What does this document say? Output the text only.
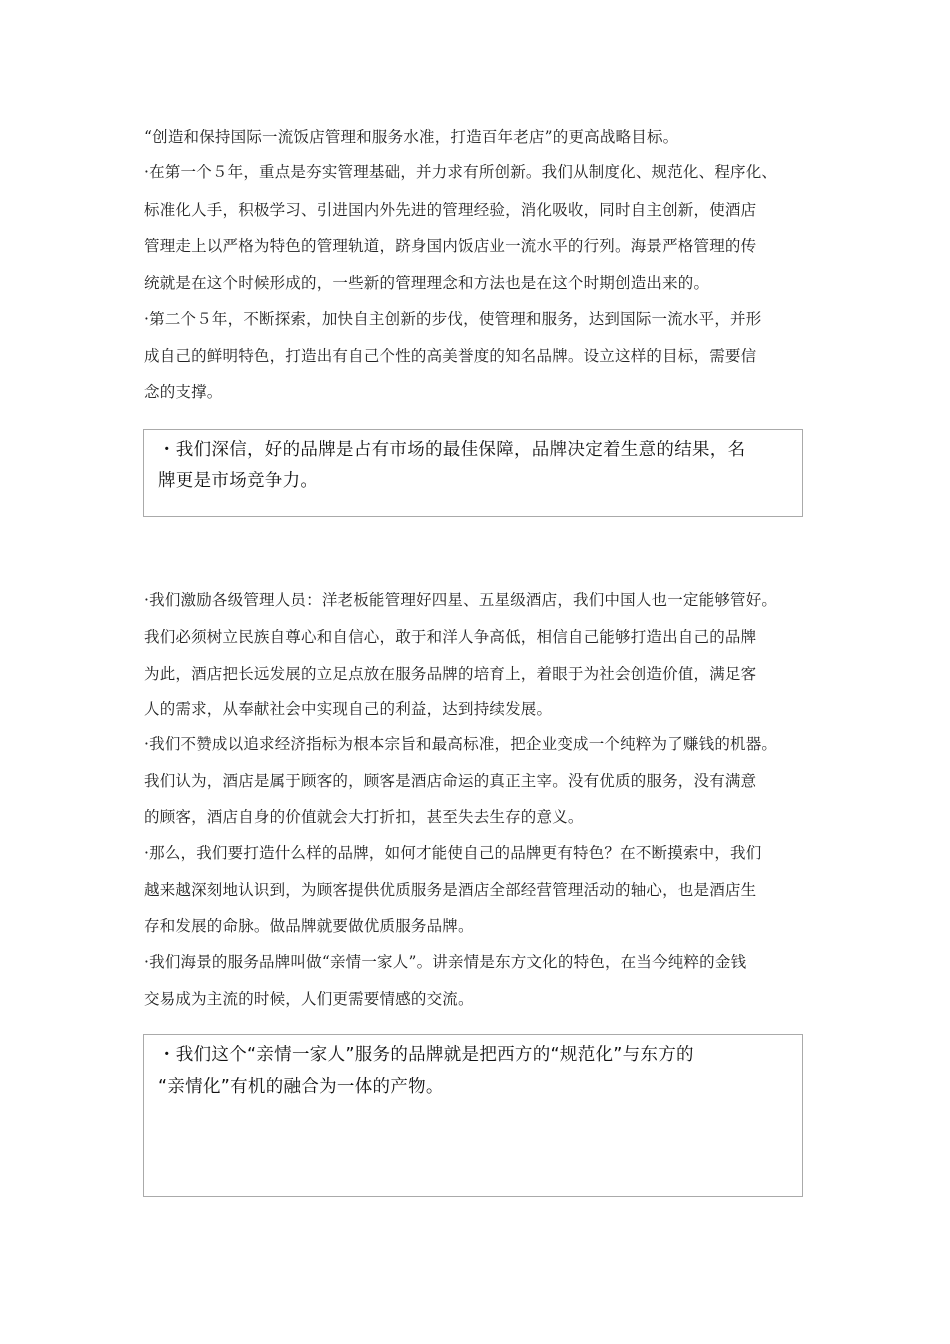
“创造和保持国际一流饭店管理和服务水准，打造百年老店”的更高战略目标。
·在第一个５年，重点是夯实管理基础，并力求有所创新。我们从制度化、规范化、程序化、
标准化人手，积极学习、引进国内外先进的管理经验，消化吸收，同时自主创新，使酒店
管理走上以严格为特色的管理轨道，跻身国内饭店业一流水平的行列。海景严格管理的传
统就是在这个时候形成的，一些新的管理理念和方法也是在这个时期创造出来的。
·第二个５年，不断探索，加快自主创新的步伐，使管理和服务，达到国际一流水平，并形
成自己的鲜明特色，打造出有自己个性的高美誉度的知名品牌。设立这样的目标，需要信
念的支撑。
・我们深信，好的品牌是占有市场的最佳保障，品牌决定着生意的结果，名
牌更是市场竞争力。
·我们激励各级管理人员：洋老板能管理好四星、五星级酒店，我们中国人也一定能够管好。
我们必须树立民族自尊心和自信心，敢于和洋人争高低，相信自己能够打造出自己的品牌
为此，酒店把长远发展的立足点放在服务品牌的培育上，着眼于为社会创造价值，满足客
人的需求，从奉献社会中实现自己的利益，达到持续发展。
·我们不赞成以追求经济指标为根本宗旨和最高标准，把企业变成一个纯粹为了赚钱的机器。
我们认为，酒店是属于顾客的，顾客是酒店命运的真正主宰。没有优质的服务，没有满意
的顾客，酒店自身的价值就会大打折扣，甚至失去生存的意义。
·那么，我们要打造什么样的品牌，如何才能使自己的品牌更有特色？在不断摸索中，我们
越来越深刻地认识到，为顾客提供优质服务是酒店全部经营管理活动的轴心，也是酒店生
存和发展的命脉。做品牌就要做优质服务品牌。
·我们海景的服务品牌叫做“亲情一家人”。讲亲情是东方文化的特色，在当今纯粹的金钱
交易成为主流的时候，人们更需要情感的交流。
・我们这个“亲情一家人”服务的品牌就是把西方的“规范化”与东方的
“亲情化”有机的融合为一体的产物。
